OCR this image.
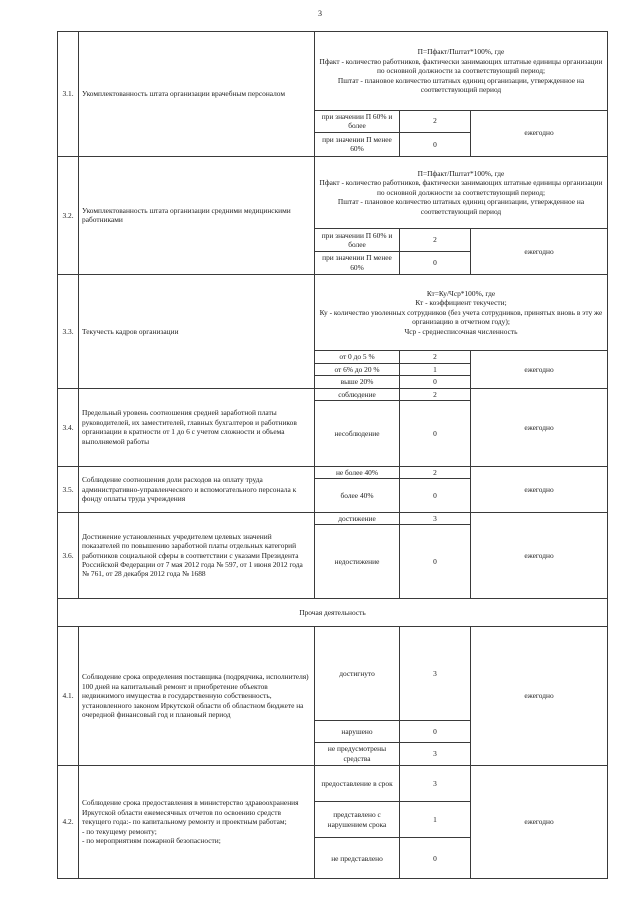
3
3.1.	Укомплектованность штата организации врачебным персоналом	П=Пфакт/Пштат*100%, где
Пфакт - количество работников, фактически занимающих штатные единицы организации по основной должности за соответствующий период;
Пштат - плановое количество штатных единиц организации, утвержденное на соответствующий период		

		при значении П 60% и более	2	ежегодно
		при значении П менее 60%	0	
3.2.	Укомплектованность штата организации средними медицинскими работниками	П=Пфакт/Пштат*100%, где
Пфакт - количество работников, фактически занимающих штатные единицы организации по основной должности за соответствующий период;
Пштат - плановое количество штатных единиц организации, утвержденное на соответствующий период		

		при значении П 60% и более	2	ежегодно
		при значении П менее 60%	0	
3.3.	Текучесть кадров организации	Кт=Ку/Чср*100%, где
Кт - коэффициент текучести;
Ку - количество уволенных сотрудников (без учета сотрудников, принятых вновь в эту же организацию в отчетном году);
Чср - среднесписочная численность		

		от 0 до 5 %	2	ежегодно
		от 6% до 20 %	1	
		выше 20%	0	
3.4.	Предельный уровень соотношения средней заработной платы руководителей, их заместителей, главных бухгалтеров и работников организации в кратности от 1 до 6 с учетом сложности и объема выполняемой работы	соблюдение	2	ежегодно
		несоблюдение	0	
3.5.	Соблюдение соотношения доли расходов на оплату труда административно-управленческого и вспомогательного персонала к фонду оплаты труда учреждения	не более 40%	2	ежегодно
		более 40%	0	
3.6.	Достижение установленных учредителем целевых значений показателей по повышению заработной платы отдельных категорий работников социальной сферы в соответствии с указами Президента Российской Федерации от 7 мая 2012 года № 597, от 1 июня 2012 года № 761, от 28 декабря 2012 года № 1688	достижение	3	ежегодно
		недостижение	0	
Прочая деятельность				
4.1.	Соблюдение срока определения поставщика (подрядчика, исполнителя) 100 дней на капитальный ремонт и приобретение объектов недвижимого имущества в государственную собственность, установленного законом Иркутской области об областном бюджете на очередной финансовый год и плановый период	достигнуто	3	ежегодно
		нарушено	0	
		не предусмотрены средства	3	
4.2.	Соблюдение срока предоставления в министерство здравоохранения Иркутской области ежемесячных отчетов по освоению средств текущего года:- по капитальному ремонту и проектным работам;
- по текущему ремонту;
- по мероприятиям пожарной безопасности;	предоставление в срок	3	ежегодно
		представлено с нарушением срока	1	
		не представлено	0	
